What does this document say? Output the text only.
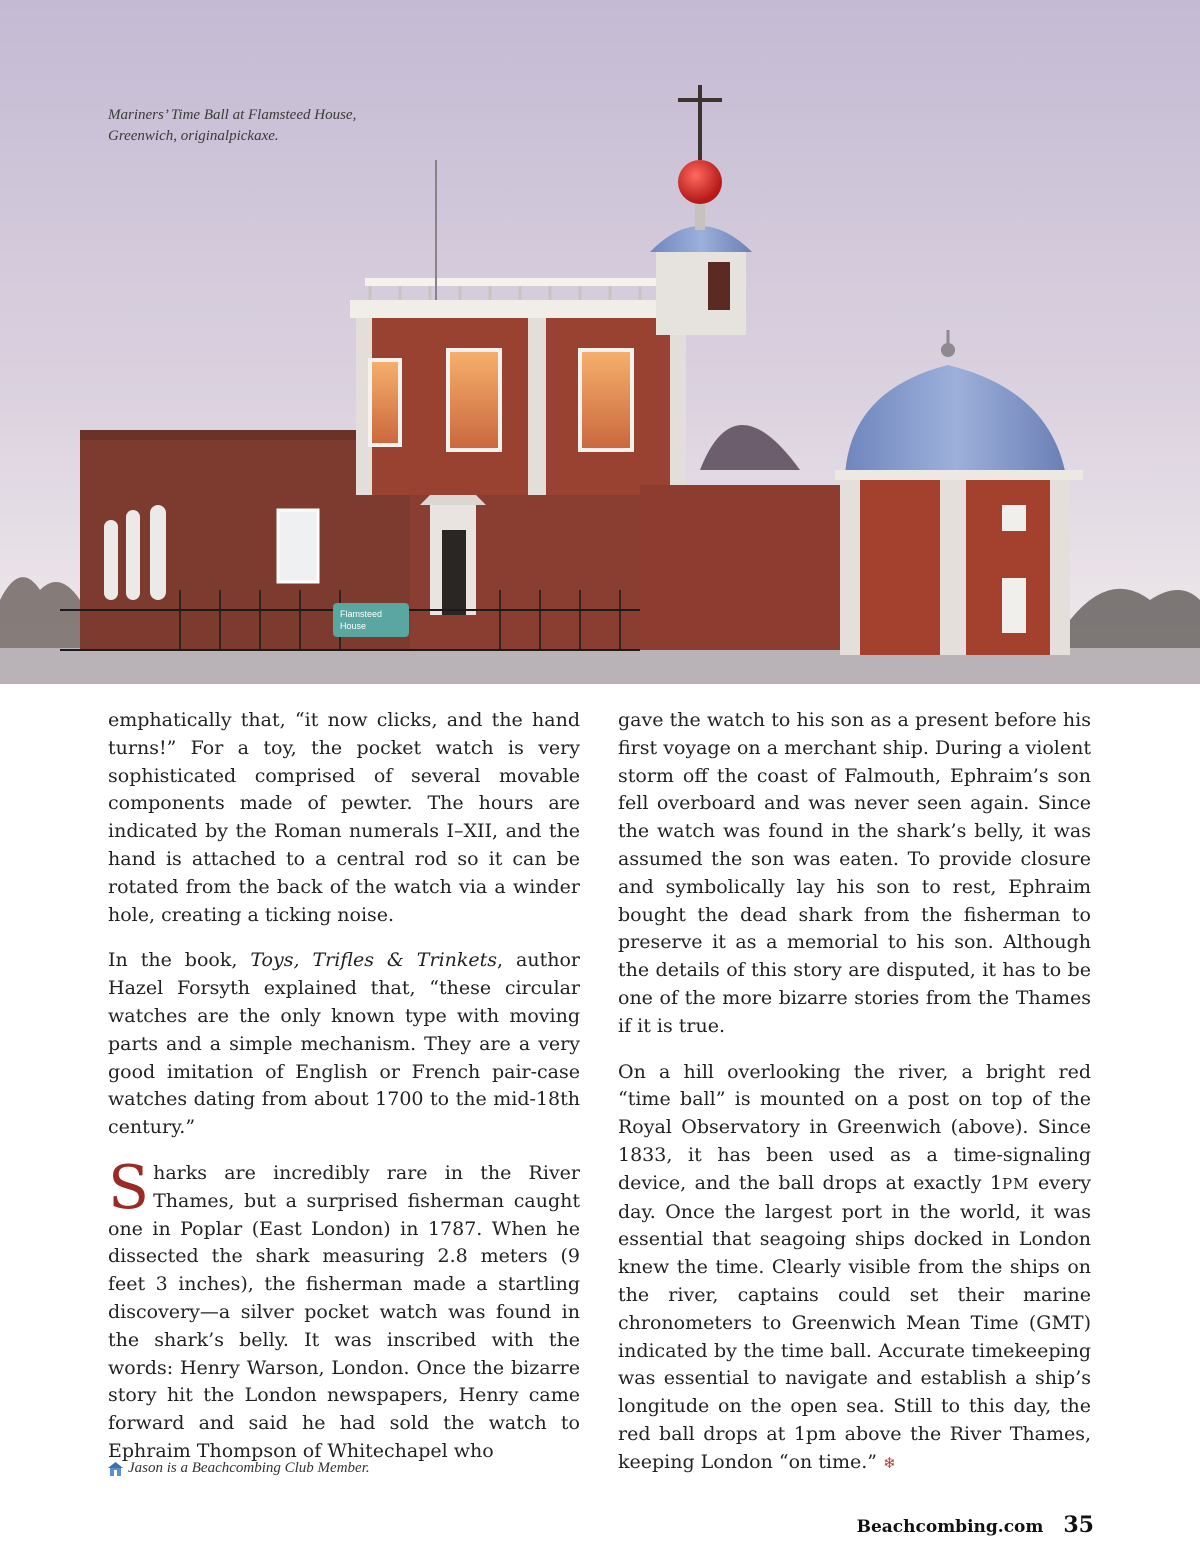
Flamsteed
House

Mariners’ Time Ball at Flamsteed House, Greenwich, originalpickaxe.

emphatically that, “it now clicks, and the hand turns!” For a toy, the pocket watch is very sophisticated comprised of several movable components made of pewter. The hours are indicated by the Roman numerals I–XII, and the hand is attached to a central rod so it can be rotated from the back of the watch via a winder hole, creating a ticking noise.

In the book, Toys, Trifles & Trinkets, author Hazel Forsyth explained that, “these circular watches are the only known type with moving parts and a simple mechanism. They are a very good imitation of English or French pair-case watches dating from about 1700 to the mid-18th century.”

Sharks are incredibly rare in the River Thames, but a surprised fisherman caught one in Poplar (East London) in 1787. When he dissected the shark measuring 2.8 meters (9 feet 3 inches), the fisherman made a startling discovery—a silver pocket watch was found in the shark’s belly. It was inscribed with the words: Henry Warson, London. Once the bizarre story hit the London newspapers, Henry came forward and said he had sold the watch to Ephraim Thompson of Whitechapel who

gave the watch to his son as a present before his first voyage on a merchant ship. During a violent storm off the coast of Falmouth, Ephraim’s son fell overboard and was never seen again. Since the watch was found in the shark’s belly, it was assumed the son was eaten. To provide closure and symbolically lay his son to rest, Ephraim bought the dead shark from the fisherman to preserve it as a memorial to his son. Although the details of this story are disputed, it has to be one of the more bizarre stories from the Thames if it is true.

On a hill overlooking the river, a bright red “time ball” is mounted on a post on top of the Royal Observatory in Greenwich (above). Since 1833, it has been used as a time-signaling device, and the ball drops at exactly 1PM every day. Once the largest port in the world, it was essential that seagoing ships docked in London knew the time. Clearly visible from the ships on the river, captains could set their marine chronometers to Greenwich Mean Time (GMT) indicated by the time ball. Accurate timekeeping was essential to navigate and establish a ship’s longitude on the open sea. Still to this day, the red ball drops at 1pm above the River Thames, keeping London “on time.” ❄

Jason is a Beachcombing Club Member.
Beachcombing.com 35
